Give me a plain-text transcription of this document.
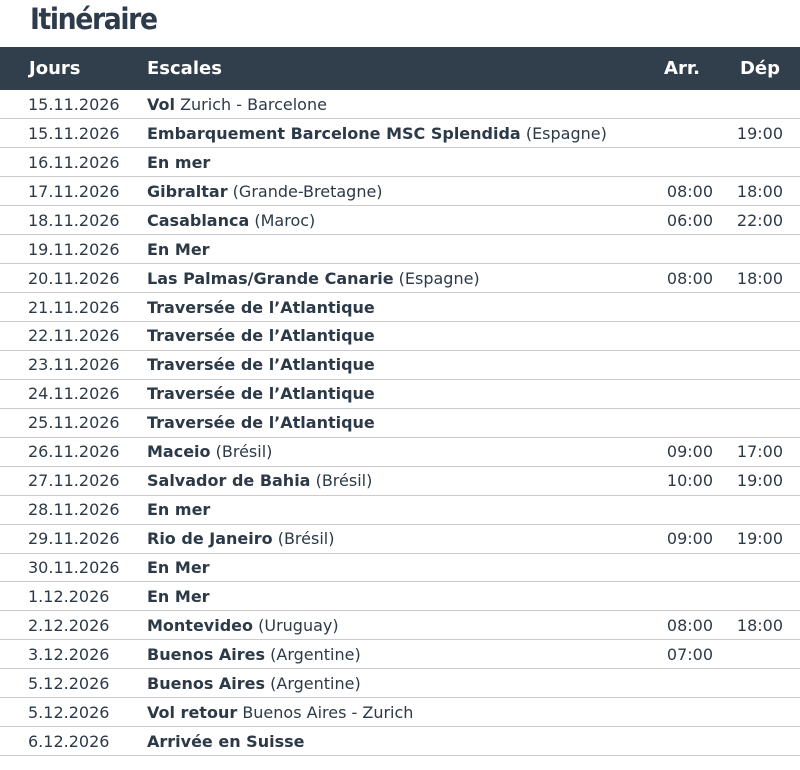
Itinéraire
Jours	Escales	Arr.	Dép
15.11.2026	Vol Zurich - Barcelone		
15.11.2026	Embarquement Barcelone MSC Splendida (Espagne)		19:00
16.11.2026	En mer		
17.11.2026	Gibraltar (Grande-Bretagne)	08:00	18:00
18.11.2026	Casablanca (Maroc)	06:00	22:00
19.11.2026	En Mer		
20.11.2026	Las Palmas/Grande Canarie (Espagne)	08:00	18:00
21.11.2026	Traversée de l’Atlantique		
22.11.2026	Traversée de l’Atlantique		
23.11.2026	Traversée de l’Atlantique		
24.11.2026	Traversée de l’Atlantique		
25.11.2026	Traversée de l’Atlantique		
26.11.2026	Maceio (Brésil)	09:00	17:00
27.11.2026	Salvador de Bahia (Brésil)	10:00	19:00
28.11.2026	En mer		
29.11.2026	Rio de Janeiro (Brésil)	09:00	19:00
30.11.2026	En Mer		
1.12.2026	En Mer		
2.12.2026	Montevideo (Uruguay)	08:00	18:00
3.12.2026	Buenos Aires (Argentine)	07:00	
5.12.2026	Buenos Aires (Argentine)		
5.12.2026	Vol retour Buenos Aires - Zurich		
6.12.2026	Arrivée en Suisse		
